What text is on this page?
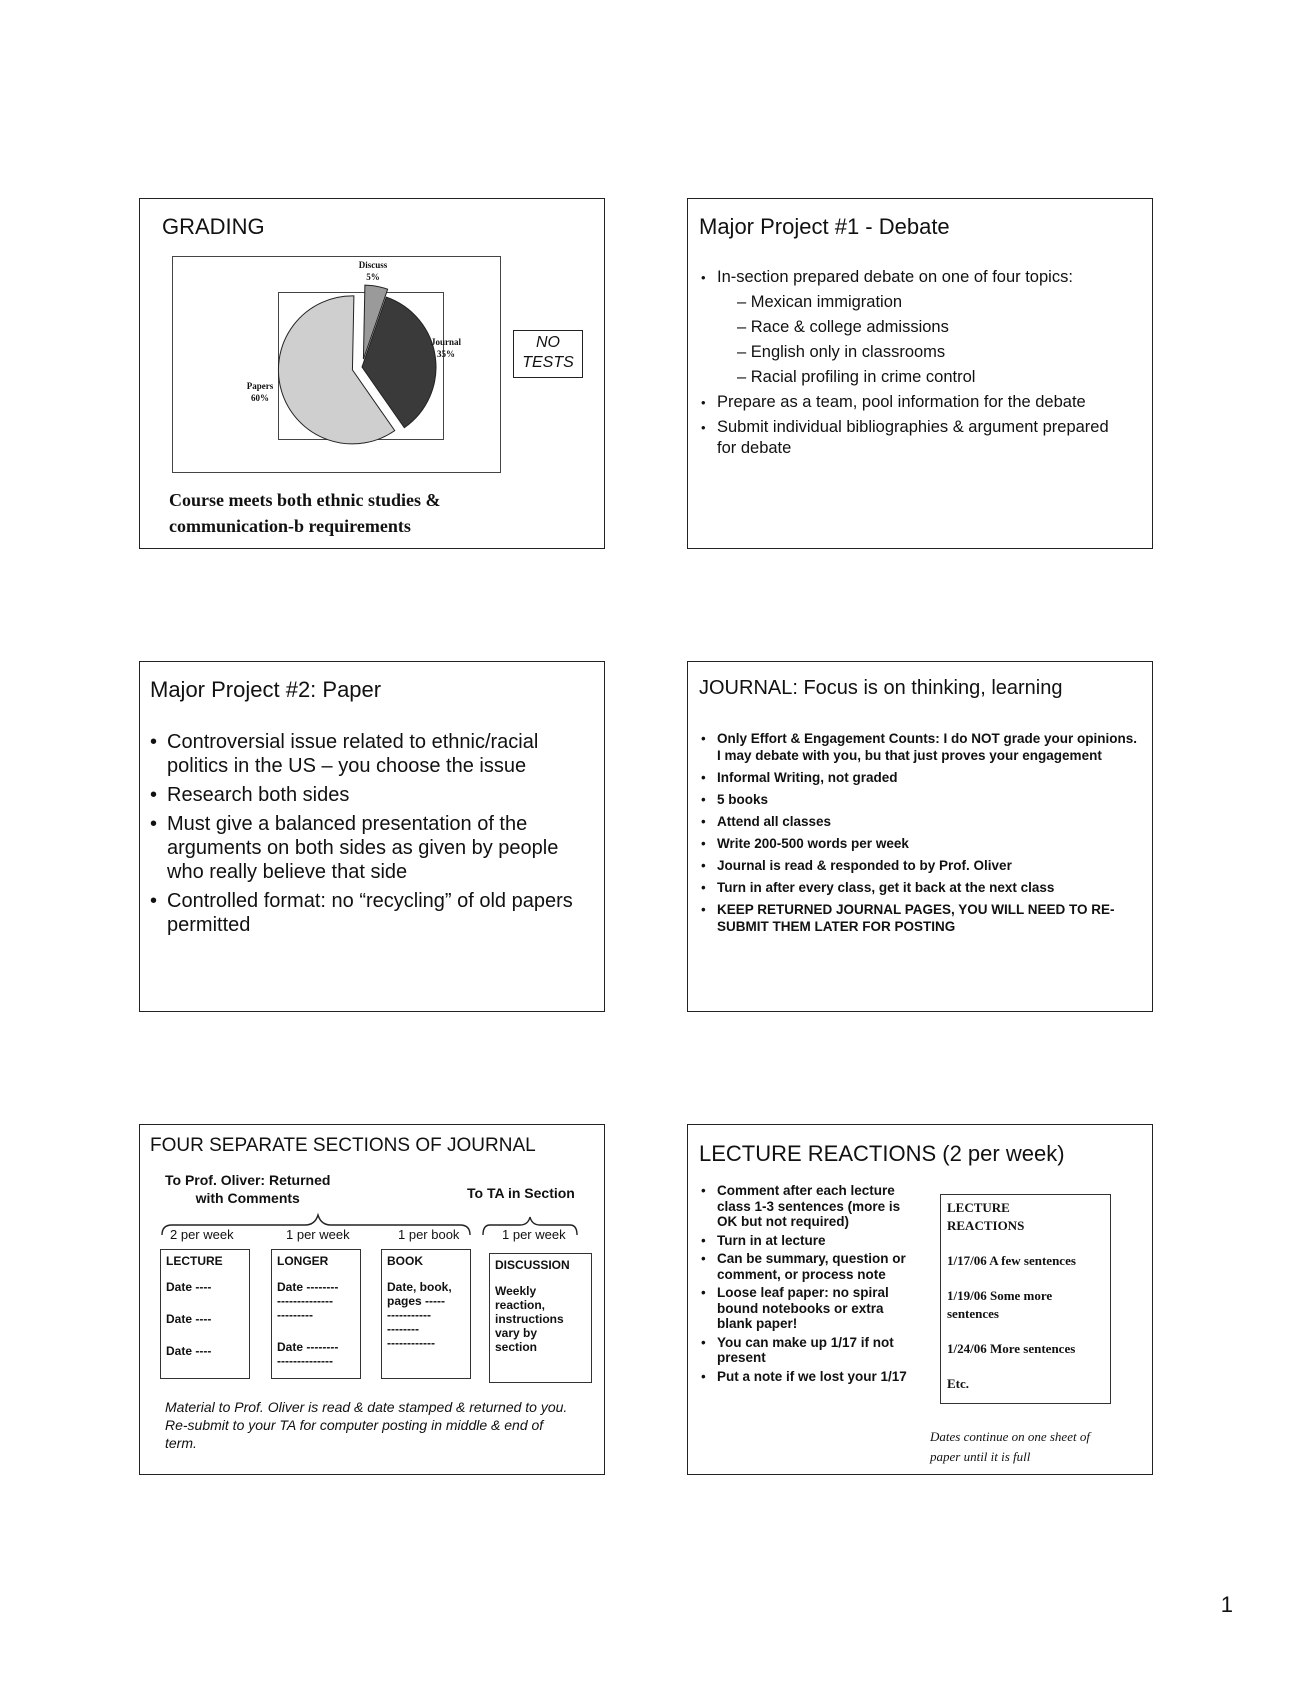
GRADING
Discuss
5%
Journal
35%
Papers
60%
NO
TESTS
Course meets both ethnic studies &
communication-b requirements
Major Project #1 - Debate
• In-section prepared debate on one of four topics:
– Mexican immigration
– Race & college admissions
– English only in classrooms
– Racial profiling in crime control
• Prepare as a team, pool information for the debate
• Submit individual bibliographies & argument prepared for debate
Major Project #2: Paper
• Controversial issue related to ethnic/racial politics in the US – you choose the issue
• Research both sides
• Must give a balanced presentation of the arguments on both sides as given by people who really believe that side
• Controlled format: no “recycling” of old papers permitted
JOURNAL: Focus is on thinking, learning
• Only Effort & Engagement Counts: I do NOT grade your opinions. I may debate with you, bu that just proves your engagement
• Informal Writing, not graded
• 5 books
• Attend all classes
• Write 200-500 words per week
• Journal is read & responded to by Prof. Oliver
• Turn in after every class, get it back at the next class
• KEEP RETURNED JOURNAL PAGES, YOU WILL NEED TO RE-SUBMIT THEM LATER FOR POSTING
FOUR SEPARATE SECTIONS OF JOURNAL
To Prof. Oliver: Returned
with Comments	To TA in Section
2 per week	1 per week	1 per book	1 per week
LECTURE
Date ----
Date ----
Date ----
LONGER
Date --------
--------------
---------
Date --------
--------------
BOOK
Date, book,
pages -----
-----------
--------
------------
DISCUSSION
Weekly
reaction,
instructions
vary by
section
Material to Prof. Oliver is read & date stamped & returned to you. Re-submit to your TA for computer posting in middle & end of term.
LECTURE REACTIONS (2 per week)
• Comment after each lecture class 1-3 sentences (more is OK but not required)
• Turn in at lecture
• Can be summary, question or comment, or process note
• Loose leaf paper: no spiral bound notebooks or extra blank paper!
• You can make up 1/17 if not present
• Put a note if we lost your 1/17
LECTURE
REACTIONS
1/17/06 A few sentences
1/19/06 Some more
sentences
1/24/06 More sentences
Etc.
Dates continue on one sheet of
paper until it is full
1
